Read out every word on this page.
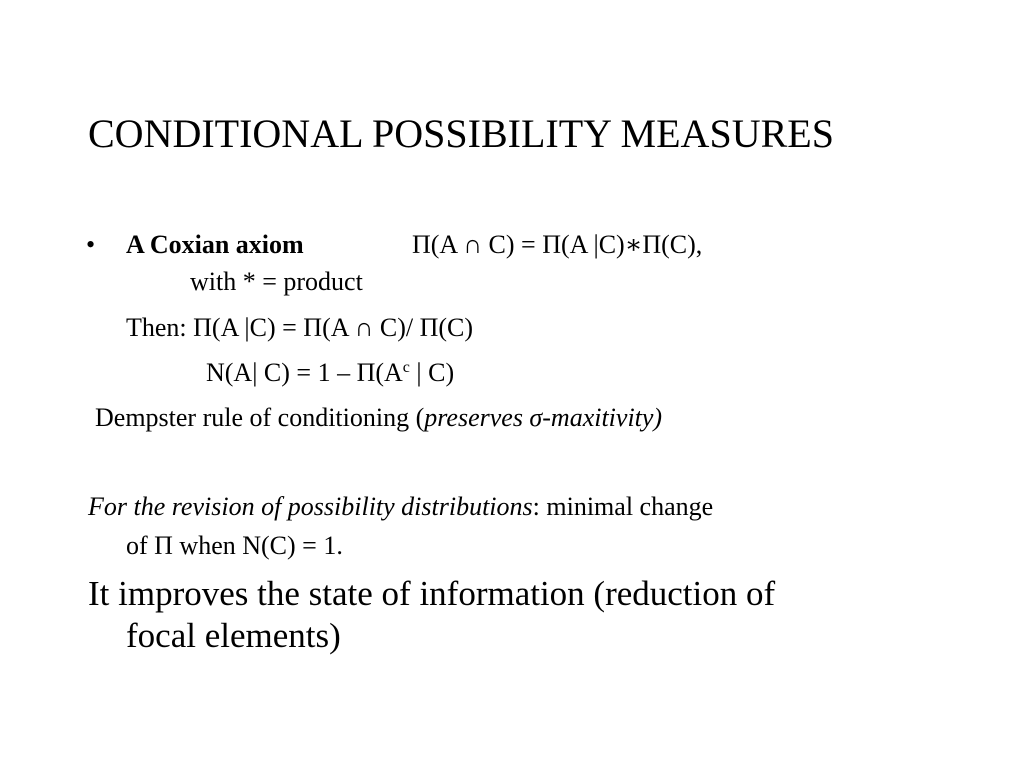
CONDITIONAL POSSIBILITY MEASURES
• A Coxian axiom	Π(A ∩ C) = Π(A |C)∗Π(C),
with * = product
Then: Π(A |C) = Π(A ∩ C)/ Π(C)
N(A| $C) = 1 - \Pi(A^c$ | C)
Dempster rule of conditioning (preserves σ-maxitivity)
For the revision of possibility distributions: minimal change
of Π when N(C) = 1.
It improves the state of information (reduction of
focal elements)
